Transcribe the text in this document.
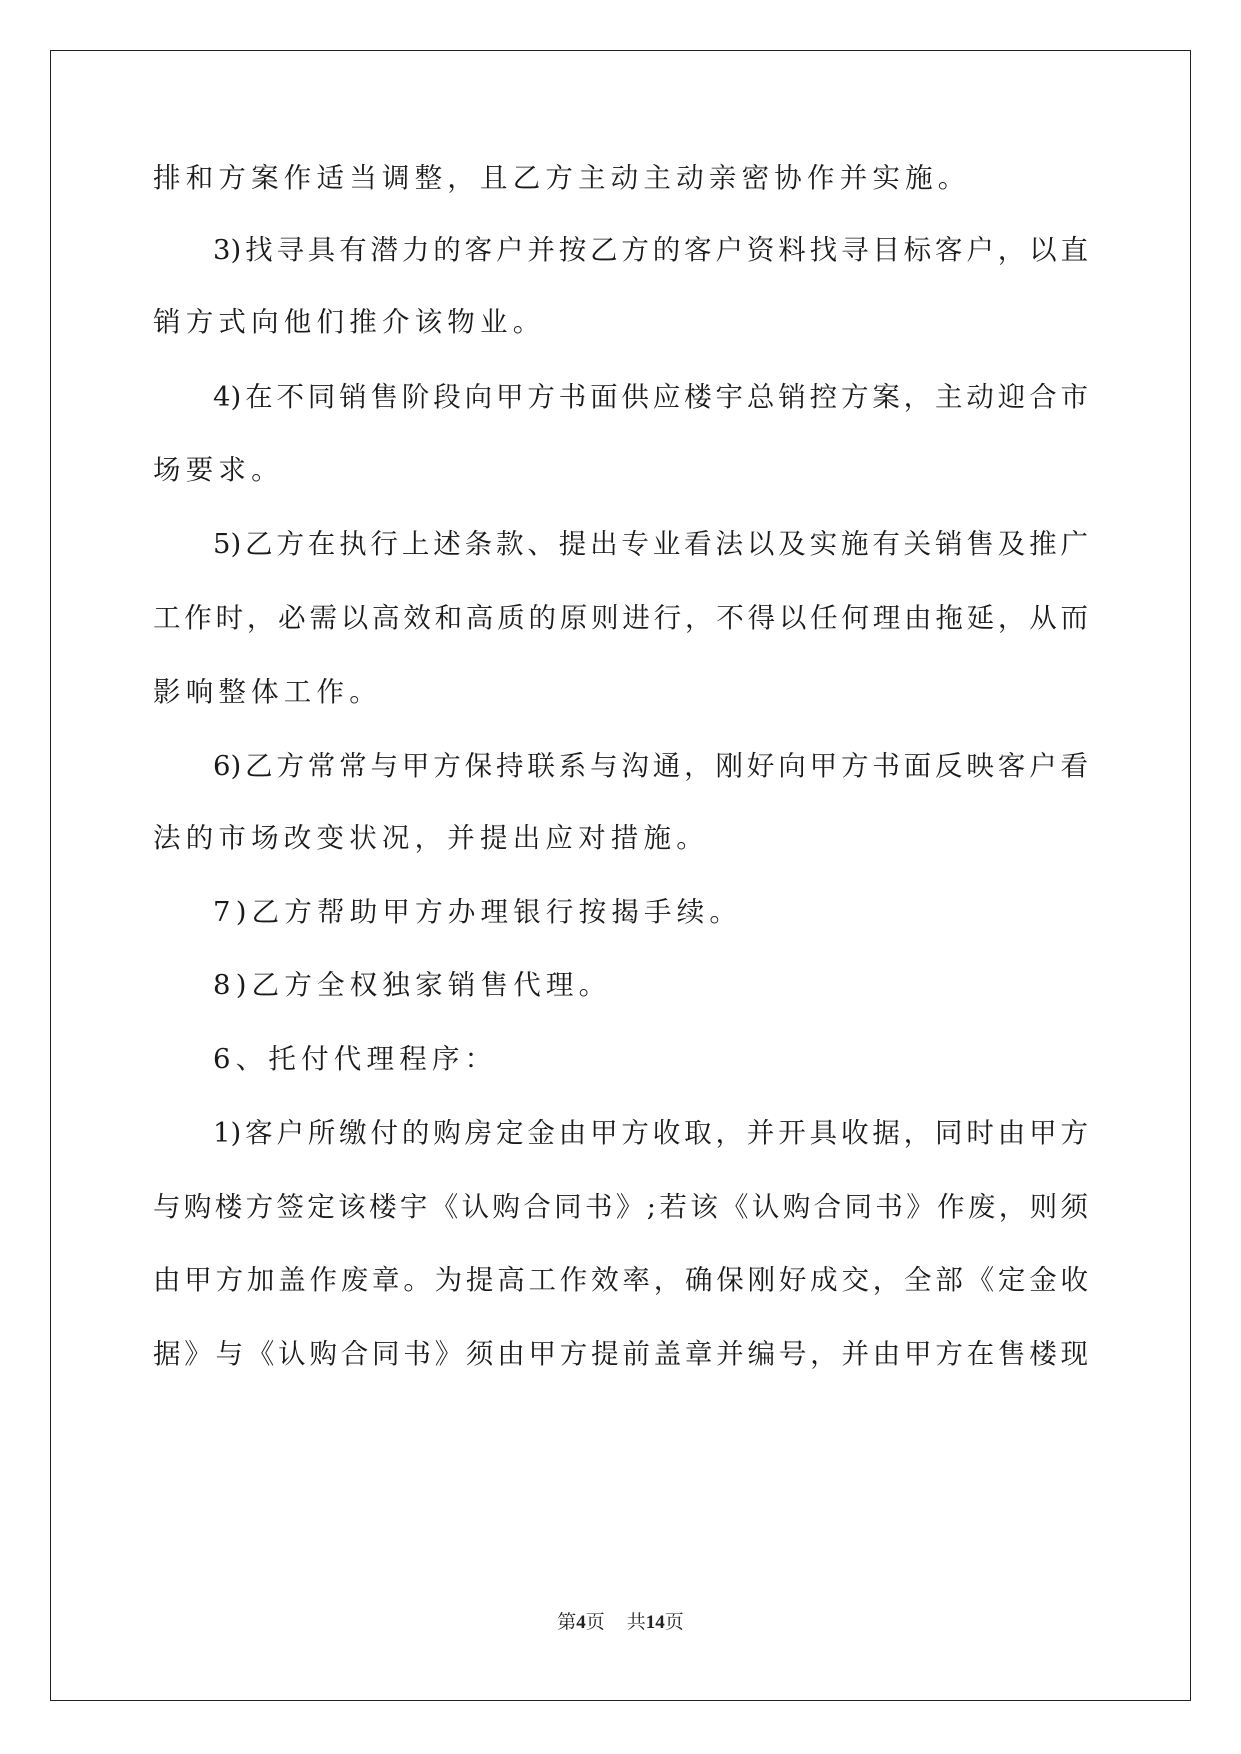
排和方案作适当调整，且乙方主动主动亲密协作并实施。
3)找寻具有潜力的客户并按乙方的客户资料找寻目标客户，以直
销方式向他们推介该物业。
4)在不同销售阶段向甲方书面供应楼宇总销控方案，主动迎合市
场要求。
5)乙方在执行上述条款、提出专业看法以及实施有关销售及推广
工作时，必需以高效和高质的原则进行，不得以任何理由拖延，从而
影响整体工作。
6)乙方常常与甲方保持联系与沟通，刚好向甲方书面反映客户看
法的市场改变状况，并提出应对措施。
7)乙方帮助甲方办理银行按揭手续。
8)乙方全权独家销售代理。
6、托付代理程序：
1)客户所缴付的购房定金由甲方收取，并开具收据，同时由甲方
与购楼方签定该楼宇《认购合同书》;若该《认购合同书》作废，则须
由甲方加盖作废章。为提高工作效率，确保刚好成交，全部《定金收
据》与《认购合同书》须由甲方提前盖章并编号，并由甲方在售楼现
第4页 共14页
